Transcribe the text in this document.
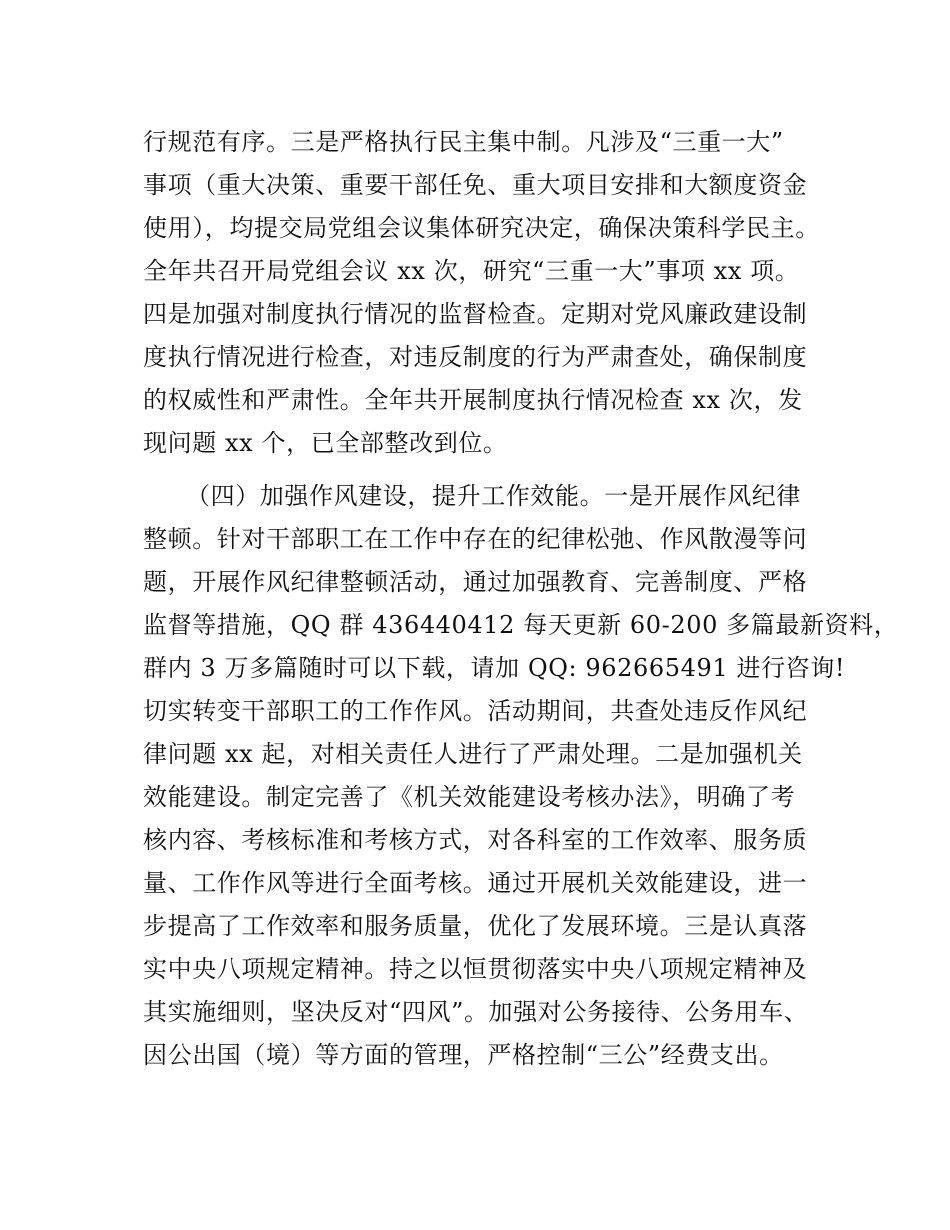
行规范有序。三是严格执行民主集中制。凡涉及“三重一大”
事项（重大决策、重要干部任免、重大项目安排和大额度资金
使用），均提交局党组会议集体研究决定，确保决策科学民主。
全年共召开局党组会议 xx 次，研究“三重一大”事项 xx 项。
四是加强对制度执行情况的监督检查。定期对党风廉政建设制
度执行情况进行检查，对违反制度的行为严肃查处，确保制度
的权威性和严肃性。全年共开展制度执行情况检查 xx 次，发
现问题 xx 个，已全部整改到位。
（四）加强作风建设，提升工作效能。一是开展作风纪律
整顿。针对干部职工在工作中存在的纪律松弛、作风散漫等问
题，开展作风纪律整顿活动，通过加强教育、完善制度、严格
监督等措施，QQ 群 436440412 每天更新 60-200 多篇最新资料，
群内 3 万多篇随时可以下载，请加 QQ: 962665491 进行咨询!
切实转变干部职工的工作作风。活动期间，共查处违反作风纪
律问题 xx 起，对相关责任人进行了严肃处理。二是加强机关
效能建设。制定完善了《机关效能建设考核办法》，明确了考
核内容、考核标准和考核方式，对各科室的工作效率、服务质
量、工作作风等进行全面考核。通过开展机关效能建设，进一
步提高了工作效率和服务质量，优化了发展环境。三是认真落
实中央八项规定精神。持之以恒贯彻落实中央八项规定精神及
其实施细则，坚决反对“四风”。加强对公务接待、公务用车、
因公出国（境）等方面的管理，严格控制“三公”经费支出。
